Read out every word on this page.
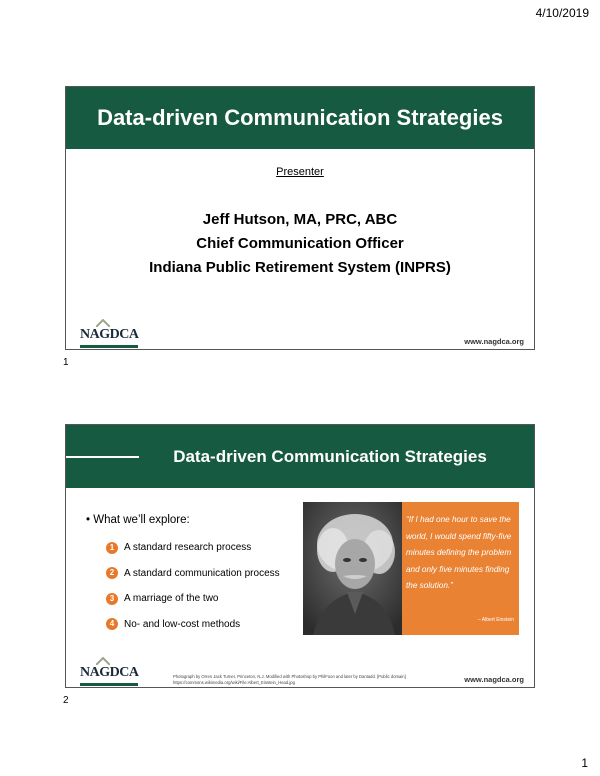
4/10/2019
Data-driven Communication Strategies
Presenter
Jeff Hutson, MA, PRC, ABC
Chief Communication Officer
Indiana Public Retirement System (INPRS)
NAGDCA	www.nagdca.org
1
Data-driven Communication Strategies
• What we’ll explore:
1 A standard research process
2 A standard communication process
3 A marriage of the two
4 No- and low-cost methods
“If I had one hour to save the world, I would spend fifty-five minutes defining the problem and only five minutes finding the solution.”
– Albert Einstein
NAGDCA	Photograph by Orren Jack Turner, Princeton, N.J. Modified with Photoshop by PhilFoon and later by Dantadd. [Public domain] https://commons.wikimedia.org/wiki/File:Albert_Einstein_Head.jpg	www.nagdca.org
2
1
